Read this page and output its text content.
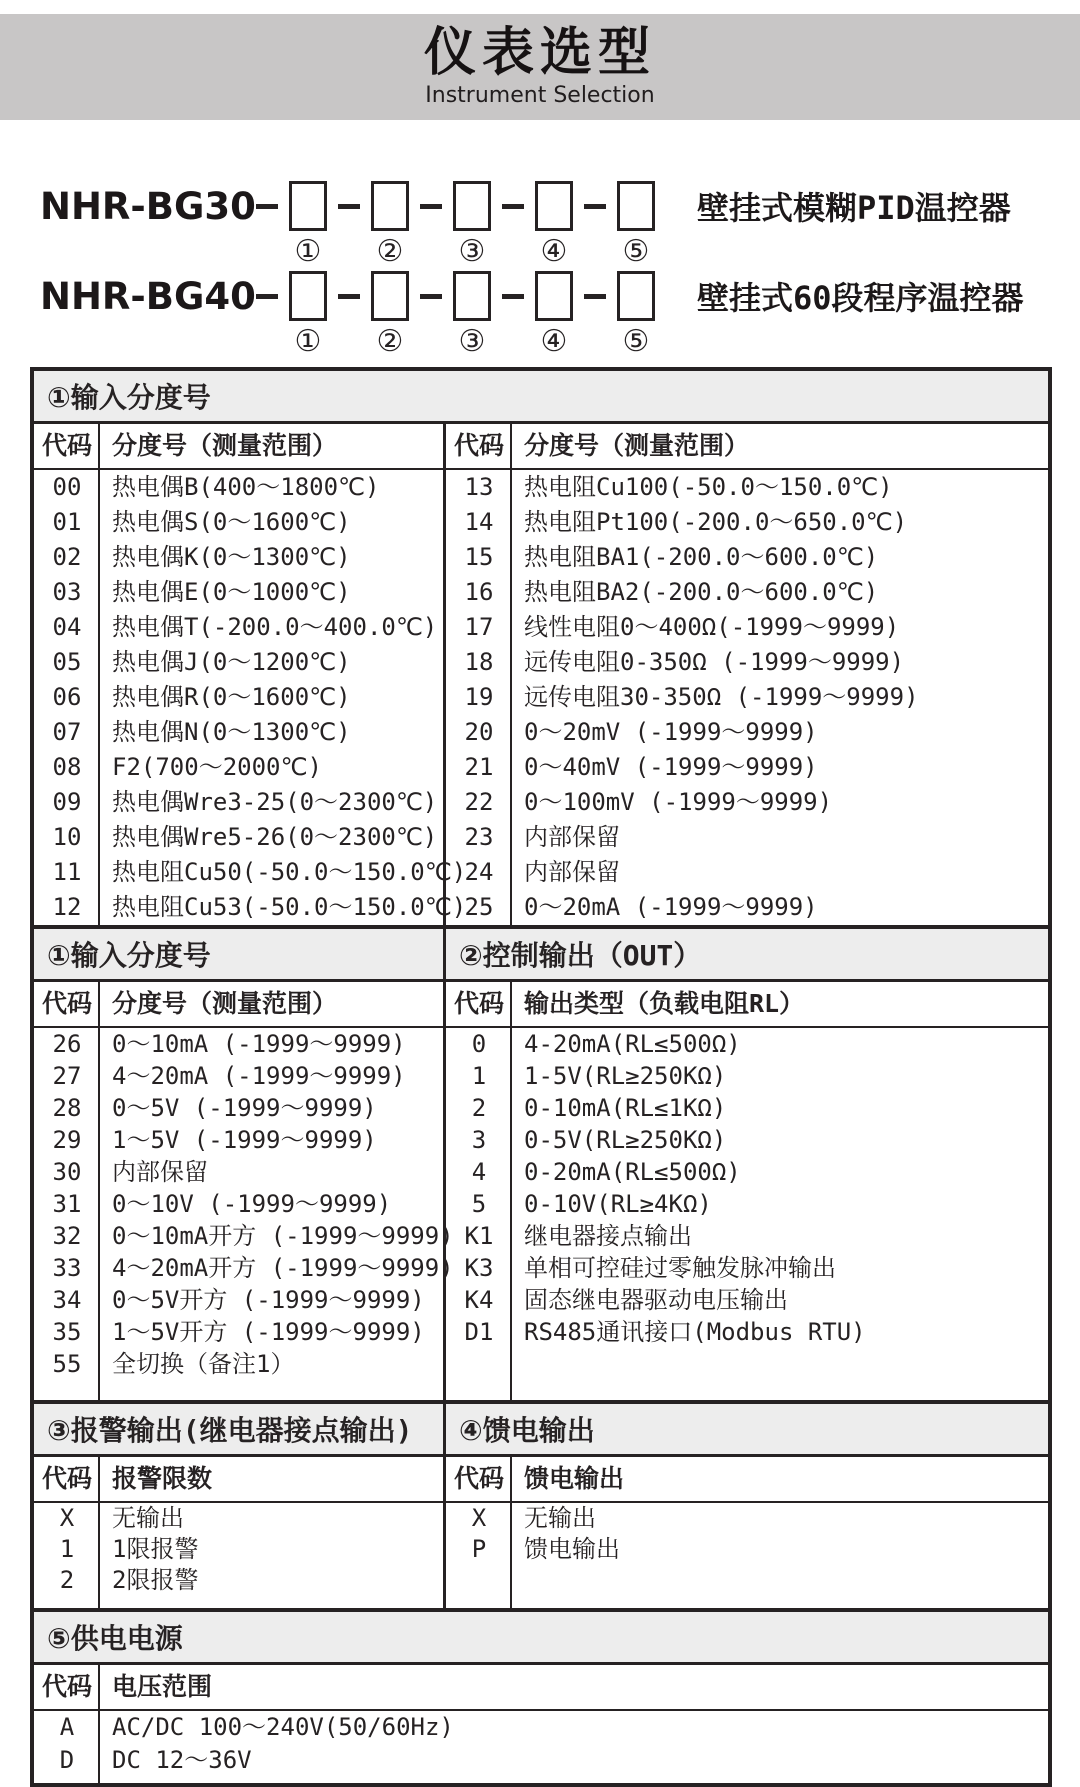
仪表选型
Instrument Selection
NHR-BG30	壁挂式模糊PID温控器
① ② ③ ④ ⑤
NHR-BG40	壁挂式60段程序温控器
① ② ③ ④ ⑤
①输入分度号
代码 分度号（测量范围）
00	热电偶B(400～1800℃)
01	热电偶S(0～1600℃)
02	热电偶K(0～1300℃)
03	热电偶E(0～1000℃)
04	热电偶T(-200.0～400.0℃)
05	热电偶J(0～1200℃)
06	热电偶R(0～1600℃)
07	热电偶N(0～1300℃)
08	F2(700～2000℃)
09	热电偶Wre3-25(0～2300℃)
10	热电偶Wre5-26(0～2300℃)
11	热电阻Cu50(-50.0～150.0℃)
12	热电阻Cu53(-50.0～150.0℃)
代码 分度号（测量范围）
13	热电阻Cu100(-50.0～150.0℃)
14	热电阻Pt100(-200.0～650.0℃)
15	热电阻BA1(-200.0～600.0℃)
16	热电阻BA2(-200.0～600.0℃)
17	线性电阻0～400Ω(-1999～9999)
18	远传电阻0-350Ω (-1999～9999)
19	远传电阻30-350Ω (-1999～9999)
20	0～20mV (-1999～9999)
21	0～40mV (-1999～9999)
22	0～100mV (-1999～9999)
23	内部保留
24	内部保留
25	0～20mA (-1999～9999)
①输入分度号
代码 分度号（测量范围）
26	0～10mA (-1999～9999)
27	4～20mA (-1999～9999)
28	0～5V (-1999～9999)
29	1～5V (-1999～9999)
30	内部保留
31	0～10V (-1999～9999)
32	0～10mA开方 (-1999～9999)
33	4～20mA开方 (-1999～9999)
34	0～5V开方 (-1999～9999)
35	1～5V开方 (-1999～9999)
55	全切换（备注1）
②控制输出（OUT）
代码 输出类型（负载电阻RL）
0	4-20mA(RL≤500Ω)
1	1-5V(RL≥250KΩ)
2	0-10mA(RL≤1KΩ)
3	0-5V(RL≥250KΩ)
4	0-20mA(RL≤500Ω)
5	0-10V(RL≥4KΩ)
K1	继电器接点输出
K3	单相可控硅过零触发脉冲输出
K4	固态继电器驱动电压输出
D1	RS485通讯接口(Modbus RTU)
③报警输出(继电器接点输出)
代码 报警限数
X	无输出
1	1限报警
2	2限报警
④馈电输出
代码 馈电输出
X	无输出
P	馈电输出
⑤供电电源
代码 电压范围
A	AC/DC 100～240V(50/60Hz)
D	DC 12～36V
